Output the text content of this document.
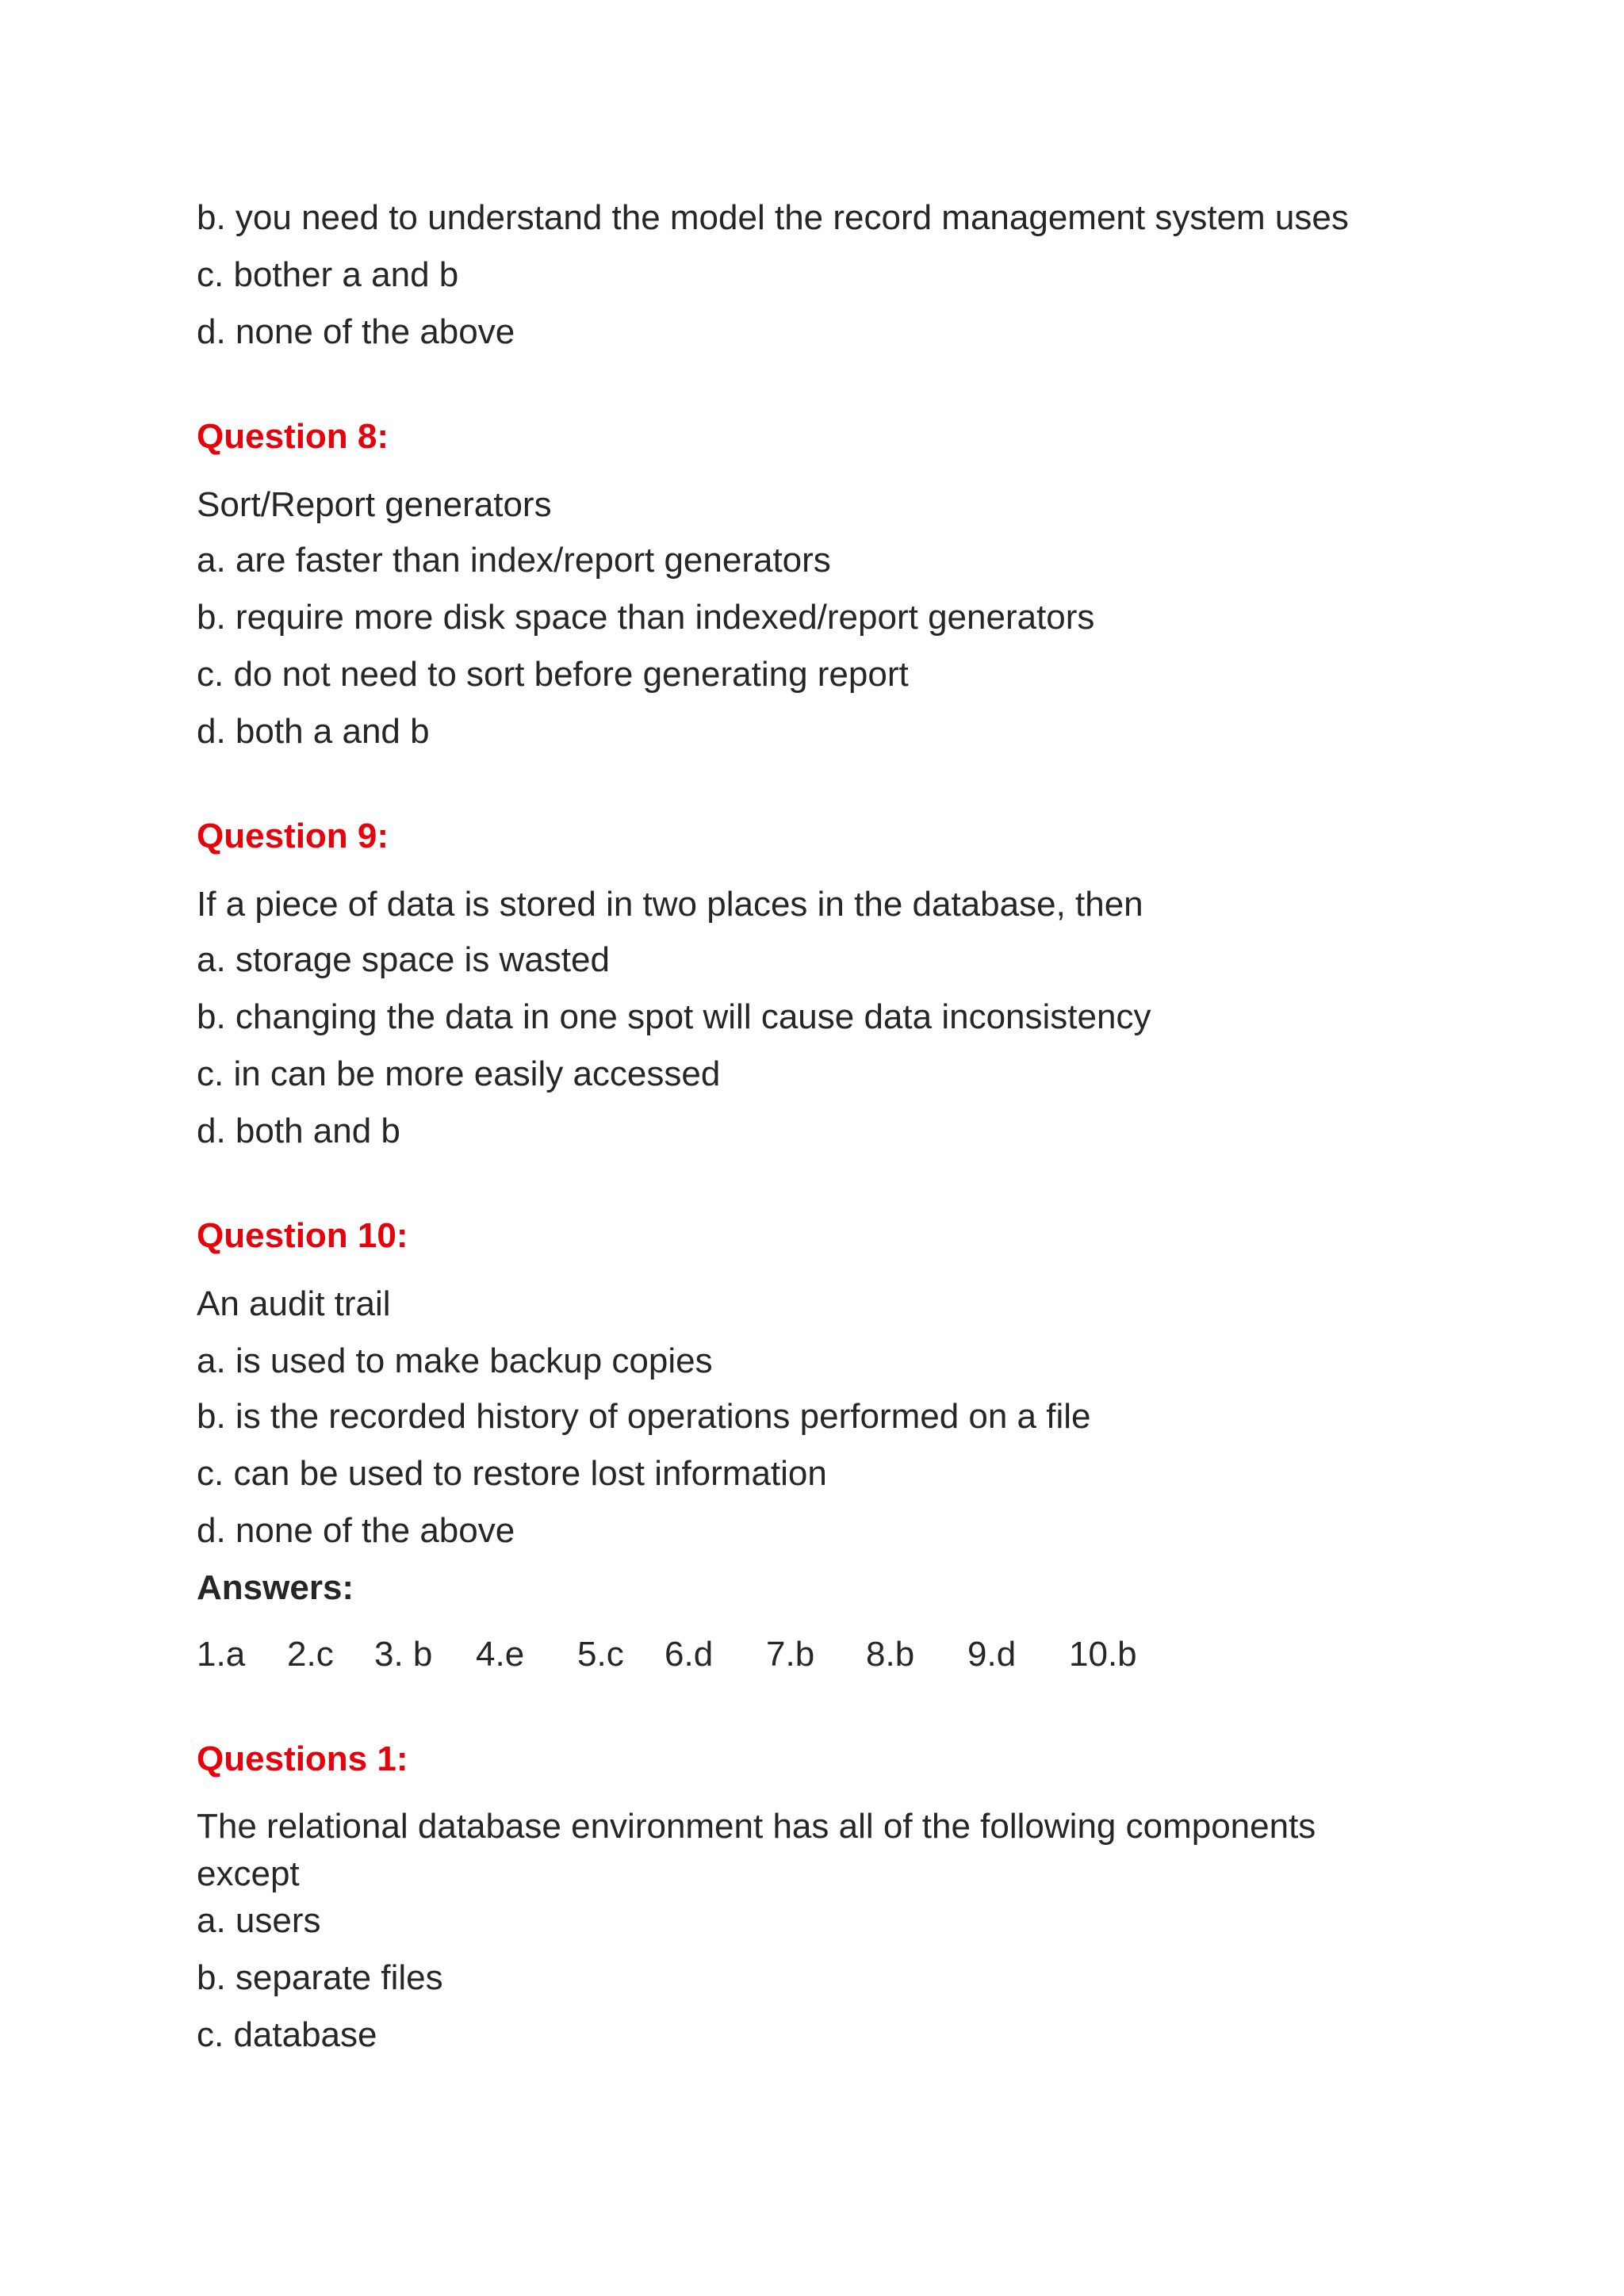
b. you need to understand the model the record management system uses
c. bother a and b
d. none of the above
Question 8:
Sort/Report generators
a. are faster than index/report generators
b. require more disk space than indexed/report generators
c. do not need to sort before generating report
d. both a and b
Question 9:
If a piece of data is stored in two places in the database, then
a. storage space is wasted
b. changing the data in one spot will cause data inconsistency
c. in can be more easily accessed
d. both and b
Question 10:
An audit trail
a. is used to make backup copies
b. is the recorded history of operations performed on a file
c. can be used to restore lost information
d. none of the above
Answers:
1.a 2.c 3. b 4.e 5.c 6.d 7.b 8.b 9.d 10.b
Questions 1:
The relational database environment has all of the following components except
a. users
b. separate files
c. database
